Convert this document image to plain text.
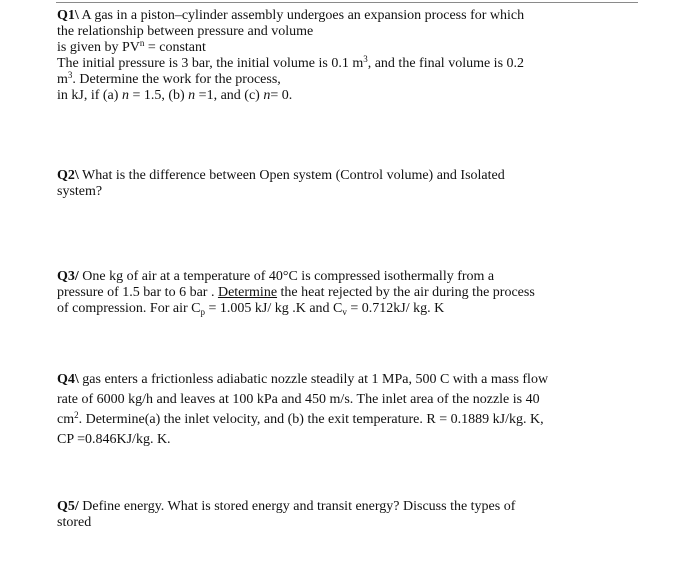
Q1\ A gas in a piston–cylinder assembly undergoes an expansion process for which
the relationship between pressure and volume
is given by $PV^n$ = constant
The initial pressure is 3 bar, the initial volume is 0.1 $m^3$, and the final volume is 0.2
$m^3$. Determine the work for the process,
in kJ, if (a) n = 1.5, (b) n =1, and (c) n= 0.
Q2\ What is the difference between Open system (Control volume) and Isolated
system?
Q3/ One kg of air at a temperature of 40°C is compressed isothermally from a
pressure of 1.5 bar to 6 bar . Determine the heat rejected by the air during the process
of compression. For air $C_p = 1.005$ kJ/ kg .K and $C_v = 0.712kJ/$ kg. K
Q4\ gas enters a frictionless adiabatic nozzle steadily at 1 MPa, 500 C with a mass flow
rate of 6000 kg/h and leaves at 100 kPa and 450 m/s. The inlet area of the nozzle is 40
$cm^2$. Determine(a) the inlet velocity, and (b) the exit temperature. R = 0.1889 kJ/kg. K,
CP =0.846KJ/kg. K.
Q5/ Define energy. What is stored energy and transit energy? Discuss the types of
stored
